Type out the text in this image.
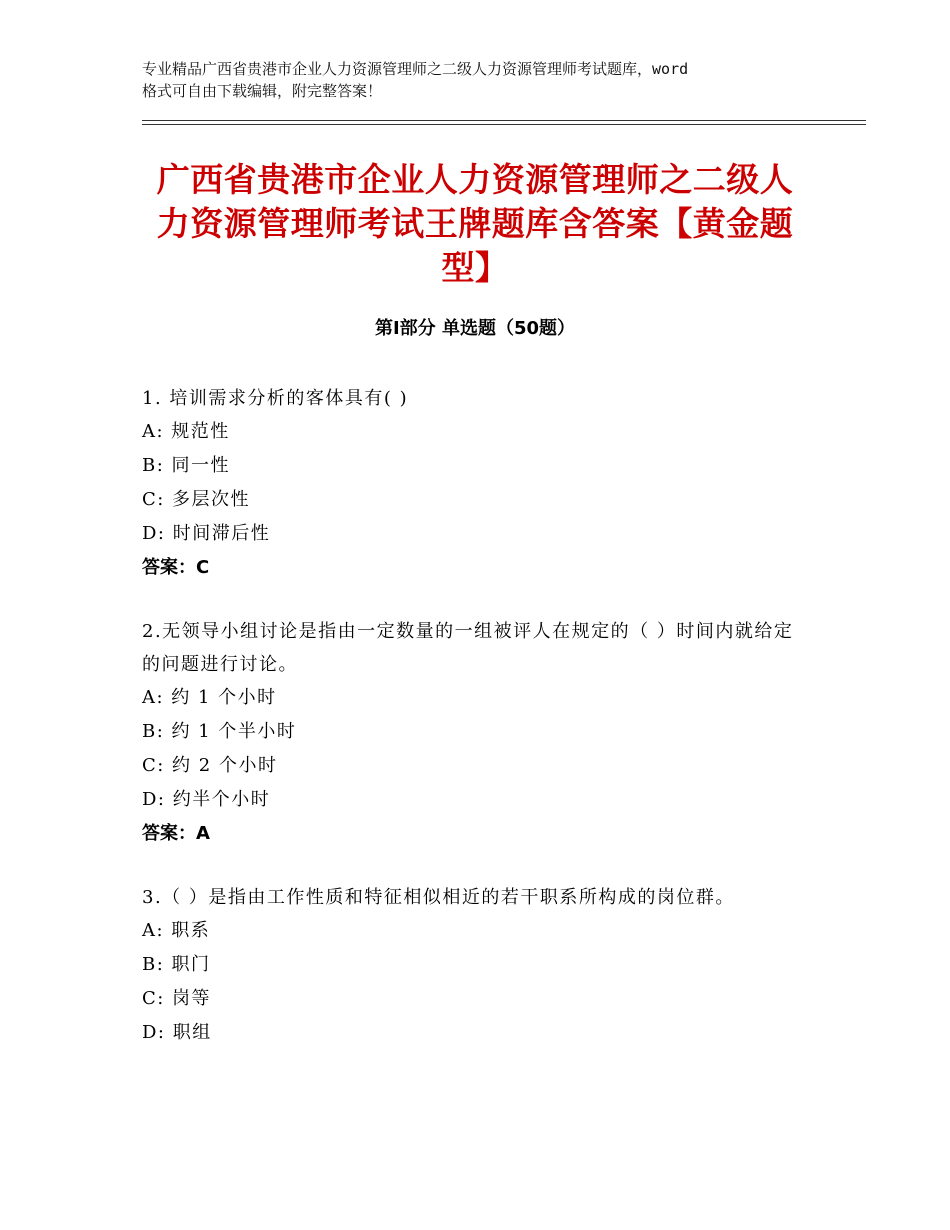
专业精品广西省贵港市企业人力资源管理师之二级人力资源管理师考试题库，word
格式可自由下载编辑，附完整答案！
广西省贵港市企业人力资源管理师之二级人
力资源管理师考试王牌题库含答案【黄金题
型】
第Ⅰ部分 单选题（50题）
1. 培训需求分析的客体具有( )
A: 规范性
B: 同一性
C: 多层次性
D: 时间滞后性
答案：C
2.无领导小组讨论是指由一定数量的一组被评人在规定的（ ）时间内就给定的问题进行讨论。
A: 约 1 个小时
B: 约 1 个半小时
C: 约 2 个小时
D: 约半个小时
答案：A
3.（ ）是指由工作性质和特征相似相近的若干职系所构成的岗位群。
A: 职系
B: 职门
C: 岗等
D: 职组
